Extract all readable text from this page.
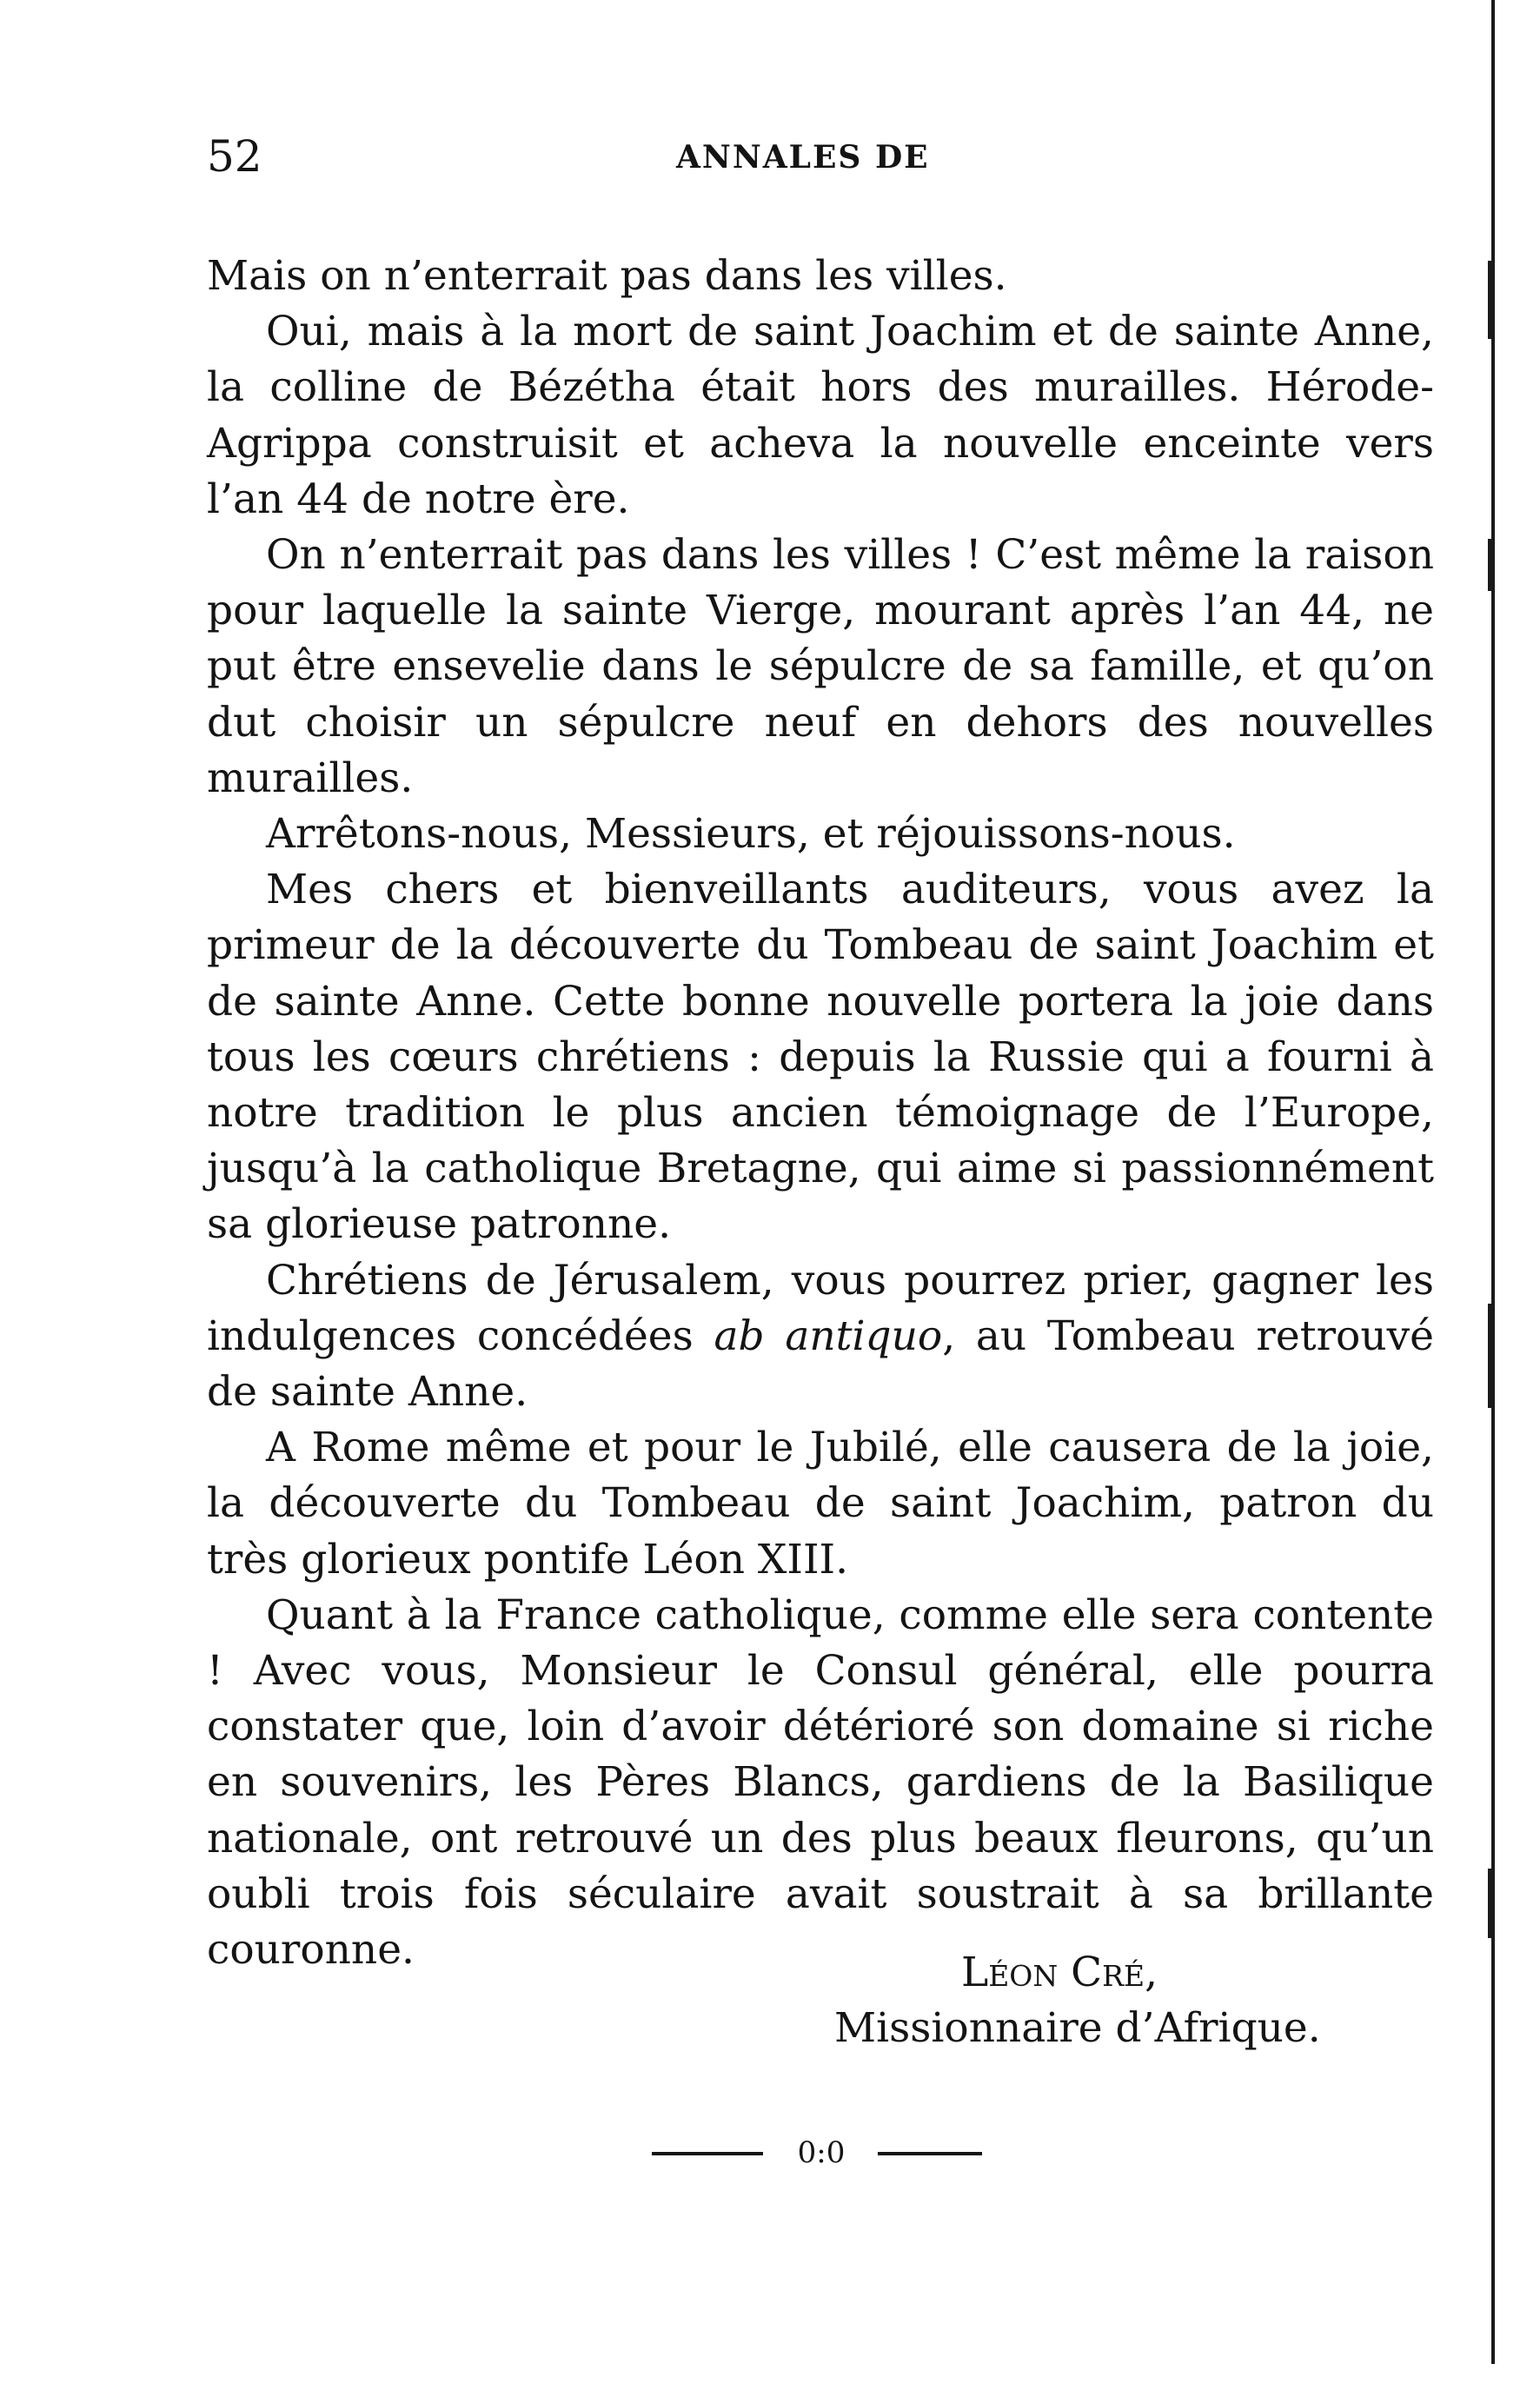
52	ANNALES DE

Mais on n’enterrait pas dans les villes.

Oui, mais à la mort de saint Joachim et de sainte Anne, la colline de Bézétha était hors des murailles. Hérode-Agrippa construisit et acheva la nouvelle enceinte vers l’an 44 de notre ère.

On n’enterrait pas dans les villes ! C’est même la raison pour laquelle la sainte Vierge, mourant après l’an 44, ne put être ensevelie dans le sépulcre de sa famille, et qu’on dut choisir un sépulcre neuf en dehors des nouvelles murailles.

Arrêtons-nous, Messieurs, et réjouissons-nous.

Mes chers et bienveillants auditeurs, vous avez la primeur de la découverte du Tombeau de saint Joachim et de sainte Anne. Cette bonne nouvelle portera la joie dans tous les cœurs chrétiens : depuis la Russie qui a fourni à notre tradition le plus ancien témoignage de l’Europe, jusqu’à la catholique Bretagne, qui aime si passionnément sa glorieuse patronne.

Chrétiens de Jérusalem, vous pourrez prier, gagner les indulgences concédées ab antiquo, au Tombeau retrouvé de sainte Anne.

A Rome même et pour le Jubilé, elle causera de la joie, la découverte du Tombeau de saint Joachim, patron du très glorieux pontife Léon XIII.

Quant à la France catholique, comme elle sera contente ! Avec vous, Monsieur le Consul général, elle pourra constater que, loin d’avoir détérioré son domaine si riche en souvenirs, les Pères Blancs, gardiens de la Basilique nationale, ont retrouvé un des plus beaux fleurons, qu’un oubli trois fois séculaire avait soustrait à sa brillante couronne.	Léon Cré,
Missionnaire d’Afrique.
0:0
